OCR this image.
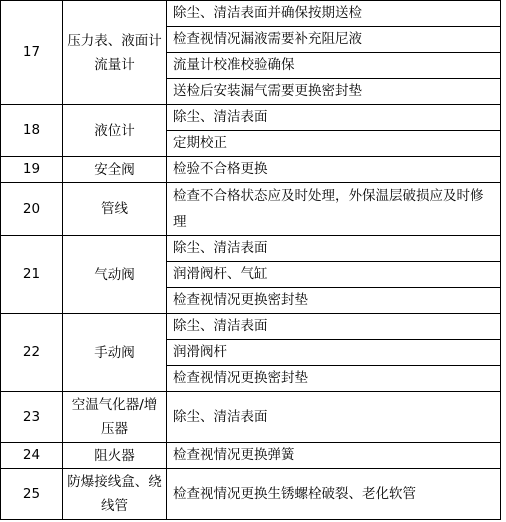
17	压力表、液面计流量计	除尘、清洁表面并确保按期送检
		检查视情况漏液需要补充阻尼液
		流量计校准校验确保
		送检后安装漏气需要更换密封垫
18	液位计	除尘、清洁表面
		定期校正
19	安全阀	检验不合格更换
20	管线	检查不合格状态应及时处理，外保温层破损应及时修理
21	气动阀	除尘、清洁表面
		润滑阀杆、气缸
		检查视情况更换密封垫
22	手动阀	除尘、清洁表面
		润滑阀杆
		检查视情况更换密封垫
23	空温气化器/增压器	除尘、清洁表面
24	阻火器	检查视情况更换弹簧
25	防爆接线盒、绕线管	检查视情况更换生锈螺栓破裂、老化软管
